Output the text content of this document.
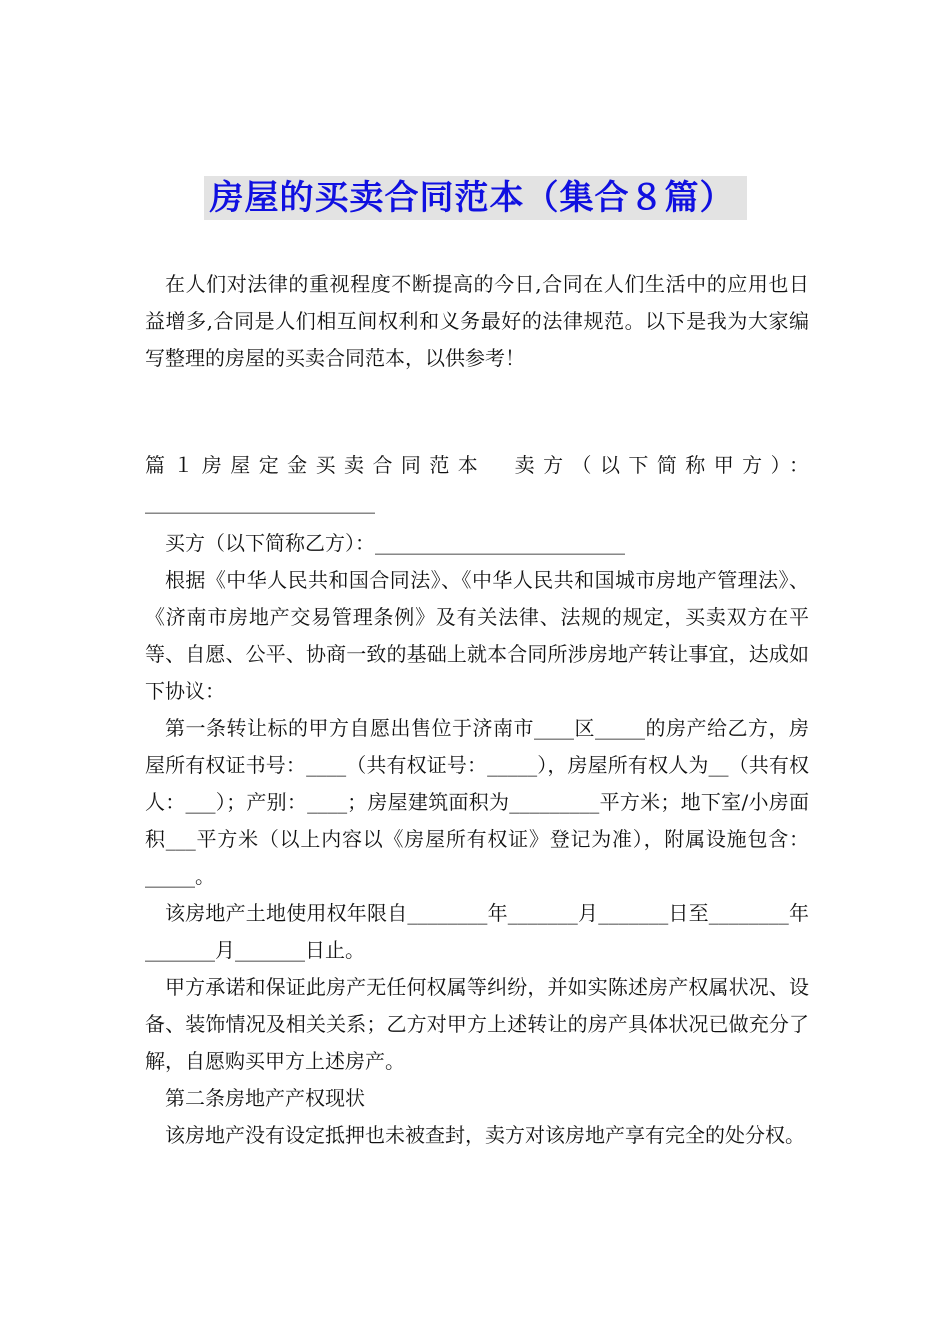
房屋的买卖合同范本（集合８篇）

在人们对法律的重视程度不断提高的今日,合同在人们生活中的应用也日益增多,合同是人们相互间权利和义务最好的法律规范。以下是我为大家编写整理的房屋的买卖合同范本，以供参考！

篇１房屋定金买卖合同范本　卖方（以下简称甲方）：_______________________

买方（以下简称乙方）：_________________________

根据《中华人民共和国合同法》、《中华人民共和国城市房地产管理法》、《济南市房地产交易管理条例》及有关法律、法规的规定，买卖双方在平等、自愿、公平、协商一致的基础上就本合同所涉房地产转让事宜，达成如下协议：

第一条转让标的甲方自愿出售位于济南市____区_____的房产给乙方，房屋所有权证书号：____（共有权证号：_____），房屋所有权人为__（共有权人：___）；产别：____；房屋建筑面积为_________平方米；地下室/小房面积___平方米（以上内容以《房屋所有权证》登记为准），附属设施包含：_____。

该房地产土地使用权年限自________年_______月_______日至________年_______月_______日止。

甲方承诺和保证此房产无任何权属等纠纷，并如实陈述房产权属状况、设备、装饰情况及相关关系；乙方对甲方上述转让的房产具体状况已做充分了解，自愿购买甲方上述房产。

第二条房地产产权现状

该房地产没有设定抵押也未被查封，卖方对该房地产享有完全的处分权。
